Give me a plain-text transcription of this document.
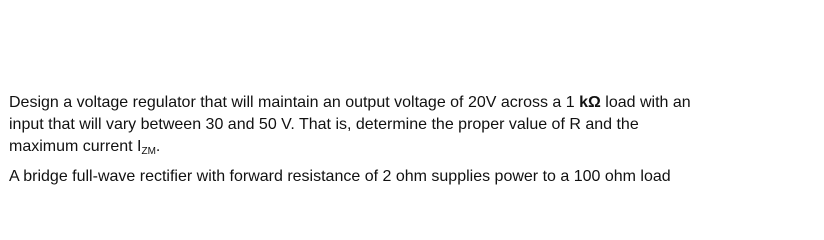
Design a voltage regulator that will maintain an output voltage of 20V across a 1 kΩ load with an
input that will vary between 30 and 50 V. That is, determine the proper value of R and the
maximum current IZM.

A bridge full-wave rectifier with forward resistance of 2 ohm supplies power to a 100 ohm load
